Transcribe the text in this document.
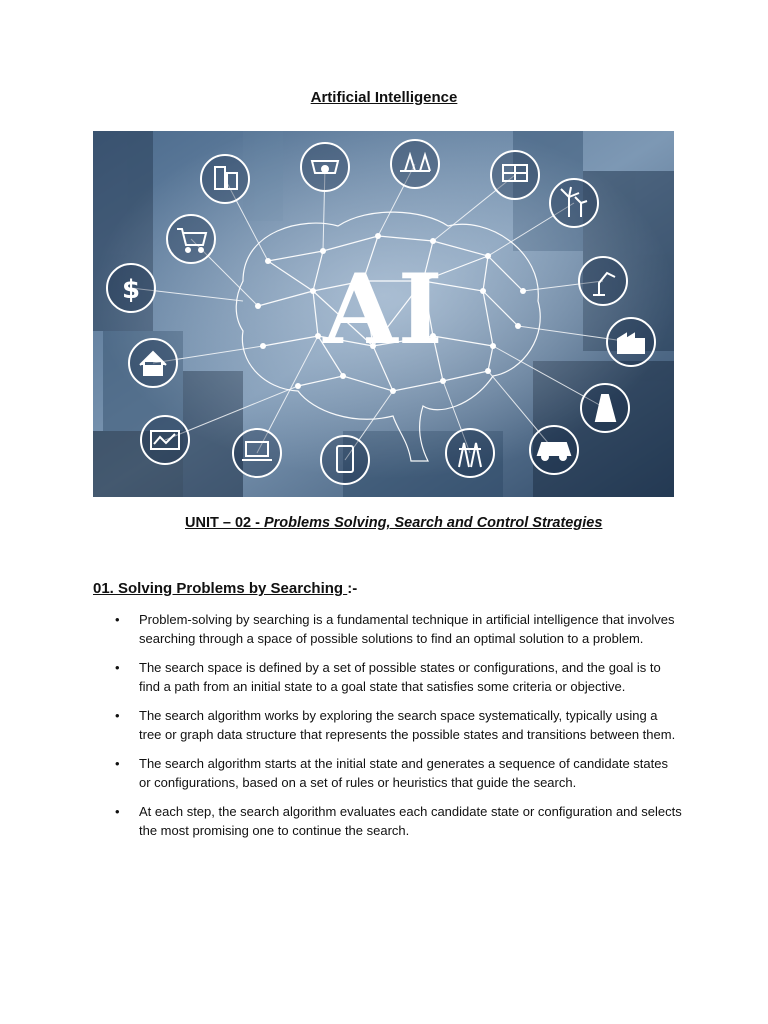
Artificial Intelligence
AI
$
UNIT – 02 - Problems Solving, Search and Control Strategies
01. Solving Problems by Searching :-
• Problem-solving by searching is a fundamental technique in artificial intelligence that involves searching through a space of possible solutions to find an optimal solution to a problem.
• The search space is defined by a set of possible states or configurations, and the goal is to find a path from an initial state to a goal state that satisfies some criteria or objective.
• The search algorithm works by exploring the search space systematically, typically using a tree or graph data structure that represents the possible states and transitions between them.
• The search algorithm starts at the initial state and generates a sequence of candidate states or configurations, based on a set of rules or heuristics that guide the search.
• At each step, the search algorithm evaluates each candidate state or configuration and selects the most promising one to continue the search.
